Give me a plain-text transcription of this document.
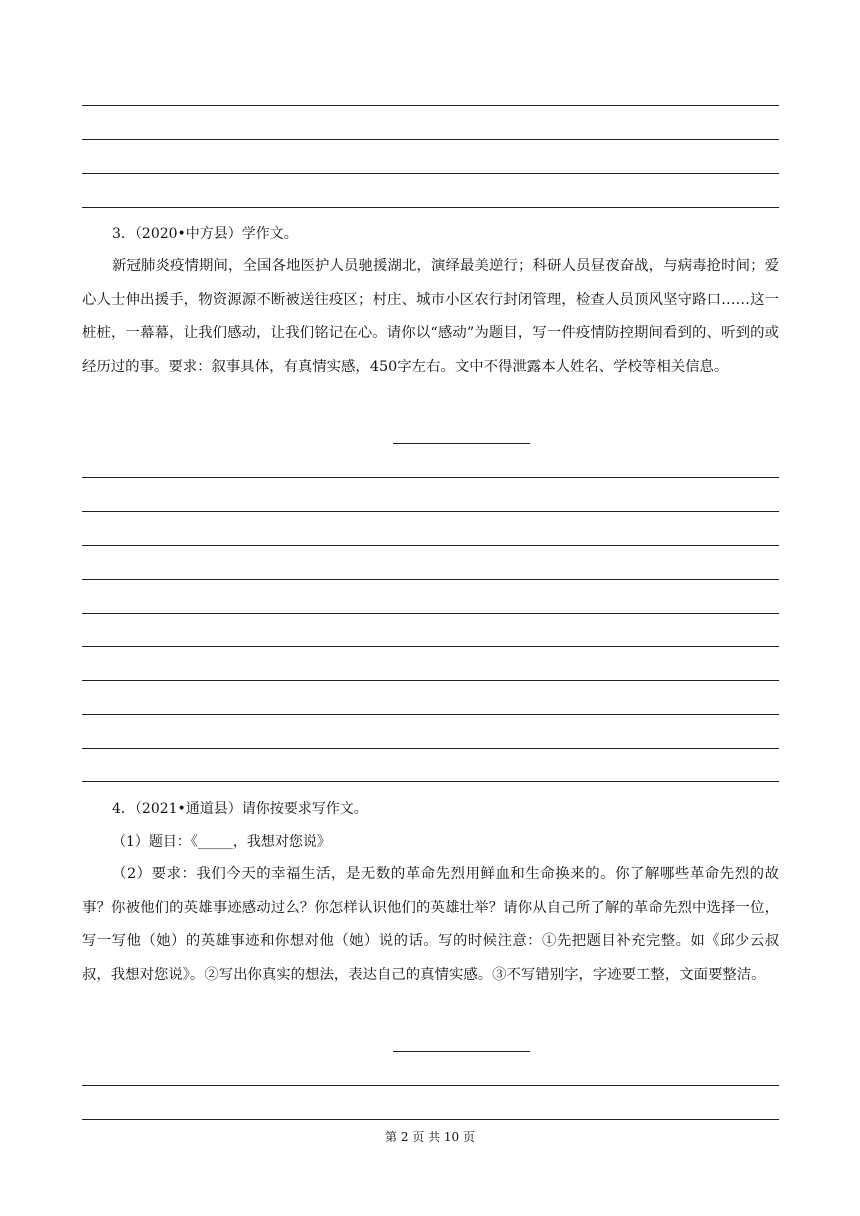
3．（2020•中方县）学作文。

新冠肺炎疫情期间，全国各地医护人员驰援湖北，演绎最美逆行；科研人员昼夜奋战，与病毒抢时间；爱心人士伸出援手，物资源源不断被送往疫区；村庄、城市小区农行封闭管理，检查人员顶风坚守路口……这一桩桩，一幕幕，让我们感动，让我们铭记在心。请你以“感动”为题目，写一件疫情防控期间看到的、听到的或经历过的事。要求：叙事具体，有真情实感，450字左右。文中不得泄露本人姓名、学校等相关信息。

4．（2021•通道县）请你按要求写作文。
（1）题目：《_____，我想对您说》

（2）要求：我们今天的幸福生活，是无数的革命先烈用鲜血和生命换来的。你了解哪些革命先烈的故事？你被他们的英雄事迹感动过么？你怎样认识他们的英雄壮举？请你从自己所了解的革命先烈中选择一位，写一写他（她）的英雄事迹和你想对他（她）说的话。写的时候注意：①先把题目补充完整。如《邱少云叔叔，我想对您说》。②写出你真实的想法，表达自己的真情实感。③不写错别字，字迹要工整，文面要整洁。

第 2 页 共 10 页
